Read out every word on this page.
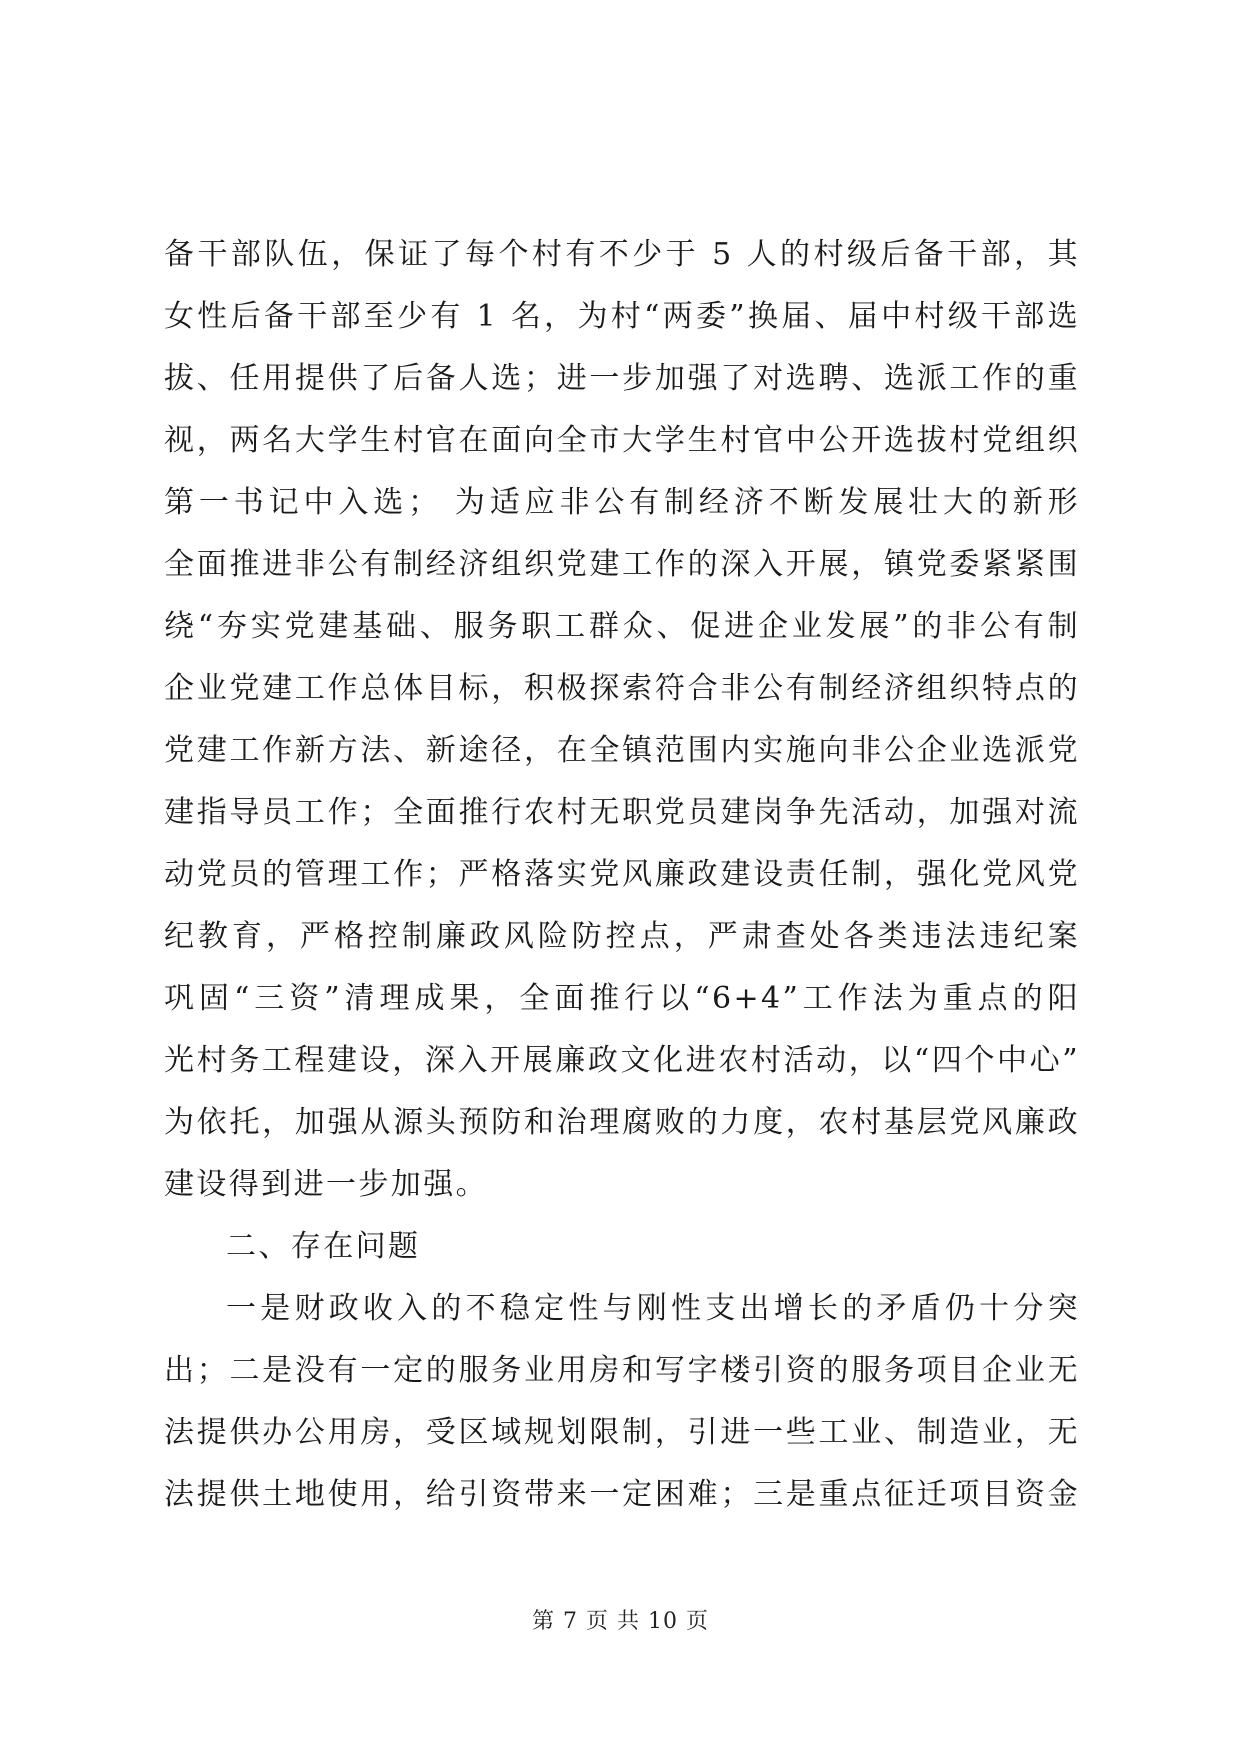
备干部队伍，保证了每个村有不少于 5 人的村级后备干部，其
女性后备干部至少有 1 名，为村“两委”换届、届中村级干部选
拔、任用提供了后备人选；进一步加强了对选聘、选派工作的重
视，两名大学生村官在面向全市大学生村官中公开选拔村党组织
第一书记中入选； 为适应非公有制经济不断发展壮大的新形
全面推进非公有制经济组织党建工作的深入开展，镇党委紧紧围
绕“夯实党建基础、服务职工群众、促进企业发展”的非公有制
企业党建工作总体目标，积极探索符合非公有制经济组织特点的
党建工作新方法、新途径，在全镇范围内实施向非公企业选派党
建指导员工作；全面推行农村无职党员建岗争先活动，加强对流
动党员的管理工作；严格落实党风廉政建设责任制，强化党风党
纪教育，严格控制廉政风险防控点，严肃查处各类违法违纪案
巩固“三资”清理成果，全面推行以“6+4”工作法为重点的阳
光村务工程建设，深入开展廉政文化进农村活动，以“四个中心”
为依托，加强从源头预防和治理腐败的力度，农村基层党风廉政
建设得到进一步加强。
二、存在问题
一是财政收入的不稳定性与刚性支出增长的矛盾仍十分突
出；二是没有一定的服务业用房和写字楼引资的服务项目企业无
法提供办公用房，受区域规划限制，引进一些工业、制造业，无
法提供土地使用，给引资带来一定困难；三是重点征迁项目资金
第 7 页 共 10 页
